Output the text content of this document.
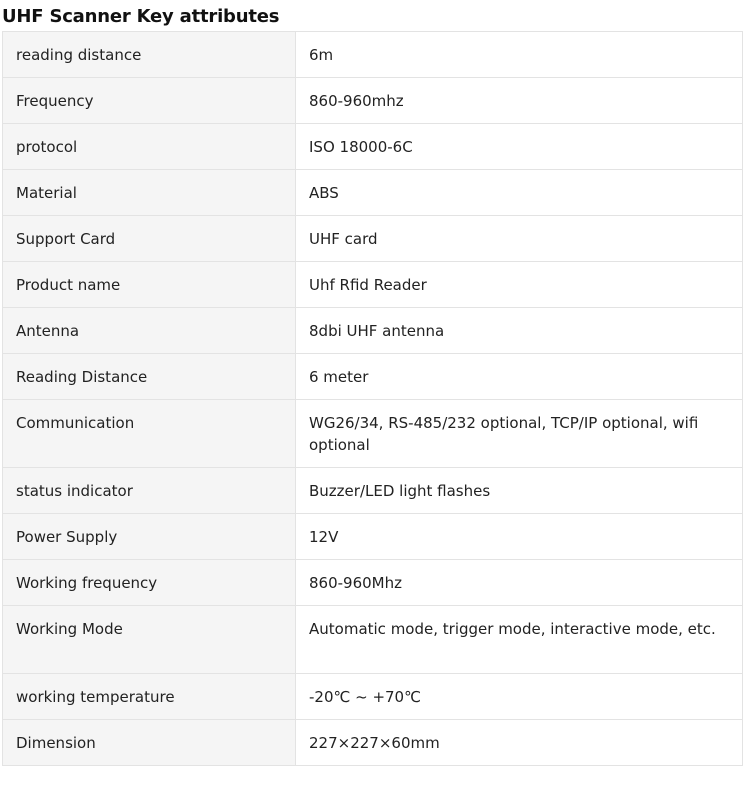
UHF Scanner Key attributes
reading distance	6m
Frequency	860-960mhz
protocol	ISO 18000-6C
Material	ABS
Support Card	UHF card
Product name	Uhf Rfid Reader
Antenna	8dbi UHF antenna
Reading Distance	6 meter
Communication	WG26/34, RS-485/232 optional, TCP/IP optional, wifi optional
status indicator	Buzzer/LED light flashes
Power Supply	12V
Working frequency	860-960Mhz
Working Mode	Automatic mode, trigger mode, interactive mode, etc.
working temperature	-20℃ ~ +70℃
Dimension	227×227×60mm
